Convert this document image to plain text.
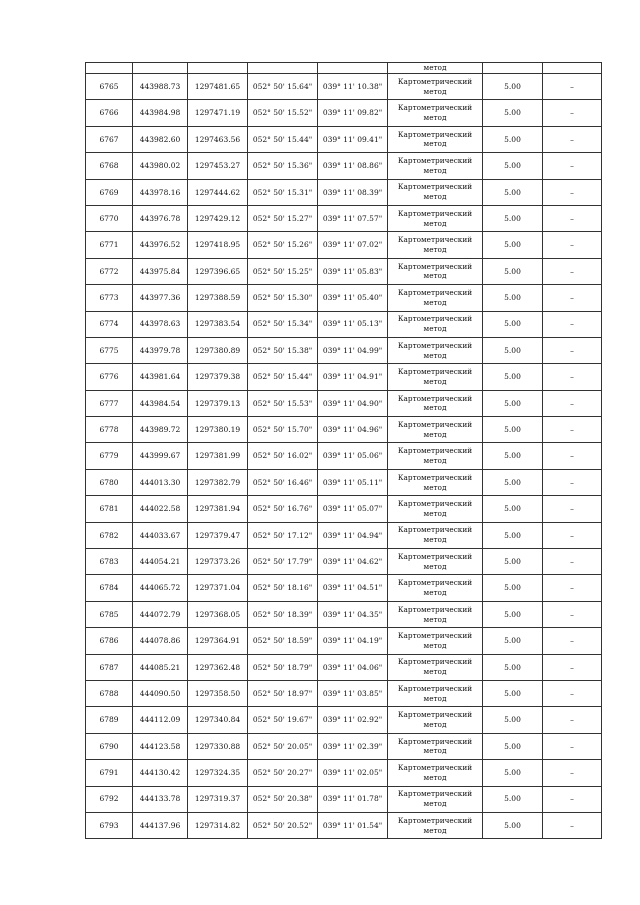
					метод		
6765	443988.73	1297481.65	052° 50' 15.64"	039° 11' 10.38"	Картометрический
метод	5.00	–
6766	443984.98	1297471.19	052° 50' 15.52"	039° 11' 09.82"	Картометрический
метод	5.00	–
6767	443982.60	1297463.56	052° 50' 15.44"	039° 11' 09.41"	Картометрический
метод	5.00	–
6768	443980.02	1297453.27	052° 50' 15.36"	039° 11' 08.86"	Картометрический
метод	5.00	–
6769	443978.16	1297444.62	052° 50' 15.31"	039° 11' 08.39"	Картометрический
метод	5.00	–
6770	443976.78	1297429.12	052° 50' 15.27"	039° 11' 07.57"	Картометрический
метод	5.00	–
6771	443976.52	1297418.95	052° 50' 15.26"	039° 11' 07.02"	Картометрический
метод	5.00	–
6772	443975.84	1297396.65	052° 50' 15.25"	039° 11' 05.83"	Картометрический
метод	5.00	–
6773	443977.36	1297388.59	052° 50' 15.30"	039° 11' 05.40"	Картометрический
метод	5.00	–
6774	443978.63	1297383.54	052° 50' 15.34"	039° 11' 05.13"	Картометрический
метод	5.00	–
6775	443979.78	1297380.89	052° 50' 15.38"	039° 11' 04.99"	Картометрический
метод	5.00	–
6776	443981.64	1297379.38	052° 50' 15.44"	039° 11' 04.91"	Картометрический
метод	5.00	–
6777	443984.54	1297379.13	052° 50' 15.53"	039° 11' 04.90"	Картометрический
метод	5.00	–
6778	443989.72	1297380.19	052° 50' 15.70"	039° 11' 04.96"	Картометрический
метод	5.00	–
6779	443999.67	1297381.99	052° 50' 16.02"	039° 11' 05.06"	Картометрический
метод	5.00	–
6780	444013.30	1297382.79	052° 50' 16.46"	039° 11' 05.11"	Картометрический
метод	5.00	–
6781	444022.58	1297381.94	052° 50' 16.76"	039° 11' 05.07"	Картометрический
метод	5.00	–
6782	444033.67	1297379.47	052° 50' 17.12"	039° 11' 04.94"	Картометрический
метод	5.00	–
6783	444054.21	1297373.26	052° 50' 17.79"	039° 11' 04.62"	Картометрический
метод	5.00	–
6784	444065.72	1297371.04	052° 50' 18.16"	039° 11' 04.51"	Картометрический
метод	5.00	–
6785	444072.79	1297368.05	052° 50' 18.39"	039° 11' 04.35"	Картометрический
метод	5.00	–
6786	444078.86	1297364.91	052° 50' 18.59"	039° 11' 04.19"	Картометрический
метод	5.00	–
6787	444085.21	1297362.48	052° 50' 18.79"	039° 11' 04.06"	Картометрический
метод	5.00	–
6788	444090.50	1297358.50	052° 50' 18.97"	039° 11' 03.85"	Картометрический
метод	5.00	–
6789	444112.09	1297340.84	052° 50' 19.67"	039° 11' 02.92"	Картометрический
метод	5.00	–
6790	444123.58	1297330.88	052° 50' 20.05"	039° 11' 02.39"	Картометрический
метод	5.00	–
6791	444130.42	1297324.35	052° 50' 20.27"	039° 11' 02.05"	Картометрический
метод	5.00	–
6792	444133.78	1297319.37	052° 50' 20.38"	039° 11' 01.78"	Картометрический
метод	5.00	–
6793	444137.96	1297314.82	052° 50' 20.52"	039° 11' 01.54"	Картометрический
метод	5.00	–
